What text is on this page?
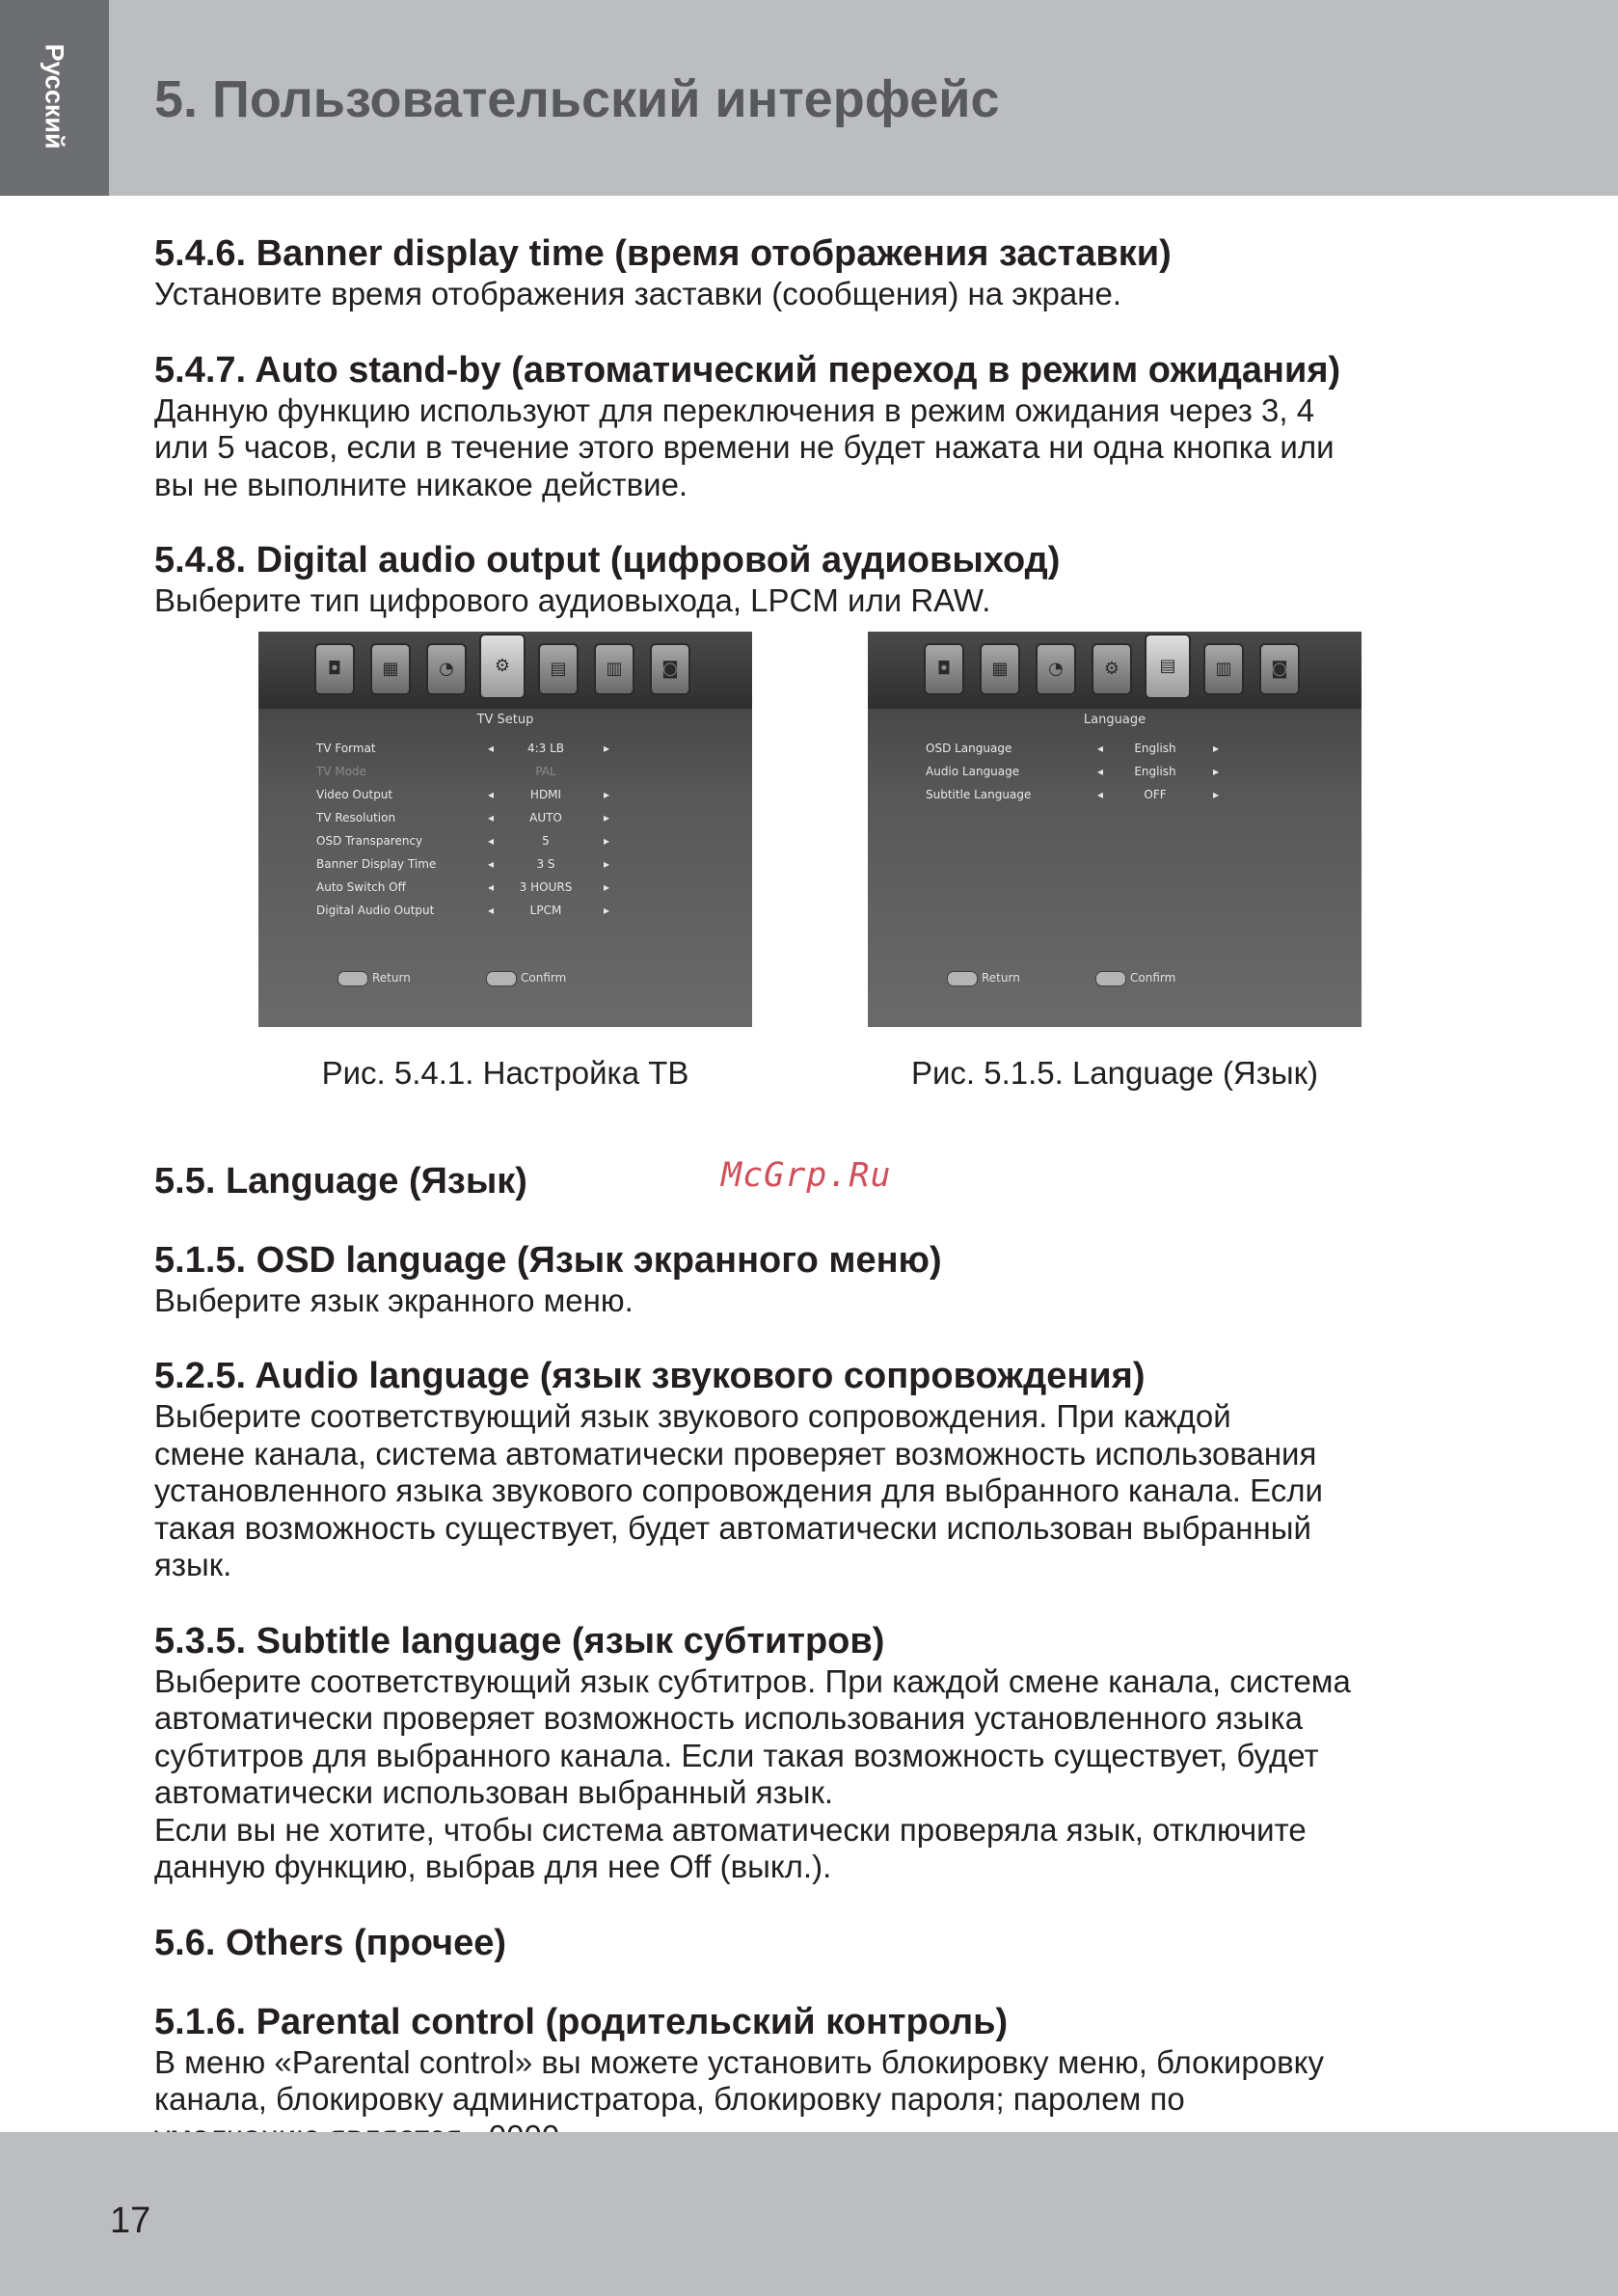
Русский 5. Пользовательский интерфейс
5.4.6. Banner display time (время отображения заставки)

Установите время отображения заставки (сообщения) на экране.

5.4.7. Auto stand-by (автоматический переход в режим ожидания)

Данную функцию используют для переключения в режим ожидания через 3, 4

или 5 часов, если в течение этого времени не будет нажата ни одна кнопка или

вы не выполните никакое действие.

5.4.8. Digital audio output (цифровой аудиовыход)

Выберите тип цифрового аудиовыхода, LPCM или RAW.

◘ ▦ ◔ ⚙ ▤ ▥ ◙
TV Setup
TV Format	◂	4:3 LB	▸
TV Mode	PAL
Video Output	◂	HDMI	▸
TV Resolution	◂	AUTO	▸
OSD Transparency	◂	5	▸
Banner Display Time	◂	3 S	▸
Auto Switch Off	◂	3 HOURS	▸
Digital Audio Output	◂	LPCM	▸
Return	Confirm
Рис. 5.4.1. Настройка ТВ
◘ ▦ ◔ ⚙ ▤ ▥ ◙
Language
OSD Language	◂	English	▸
Audio Language	◂	English	▸
Subtitle Language	◂	OFF	▸
Return	Confirm
Рис. 5.1.5. Language (Язык)
5.5. Language (Язык)	McGrp.Ru
5.1.5. OSD language (Язык экранного меню)

Выберите язык экранного меню.

5.2.5. Audio language (язык звукового сопровождения)

Выберите соответствующий язык звукового сопровождения. При каждой

смене канала, система автоматически проверяет возможность использования

установленного языка звукового сопровождения для выбранного канала. Если

такая возможность существует, будет автоматически использован выбранный

язык.

5.3.5. Subtitle language (язык субтитров)

Выберите соответствующий язык субтитров. При каждой смене канала, система

автоматически проверяет возможность использования установленного языка

субтитров для выбранного канала. Если такая возможность существует, будет

автоматически использован выбранный язык.

Если вы не хотите, чтобы система автоматически проверяла язык, отключите

данную функцию, выбрав для нее Off (выкл.).

5.6. Others (прочее)
5.1.6. Parental control (родительский контроль)

В меню «Parental control» вы можете установить блокировку меню, блокировку

канала, блокировку администратора, блокировку пароля; паролем по

17
